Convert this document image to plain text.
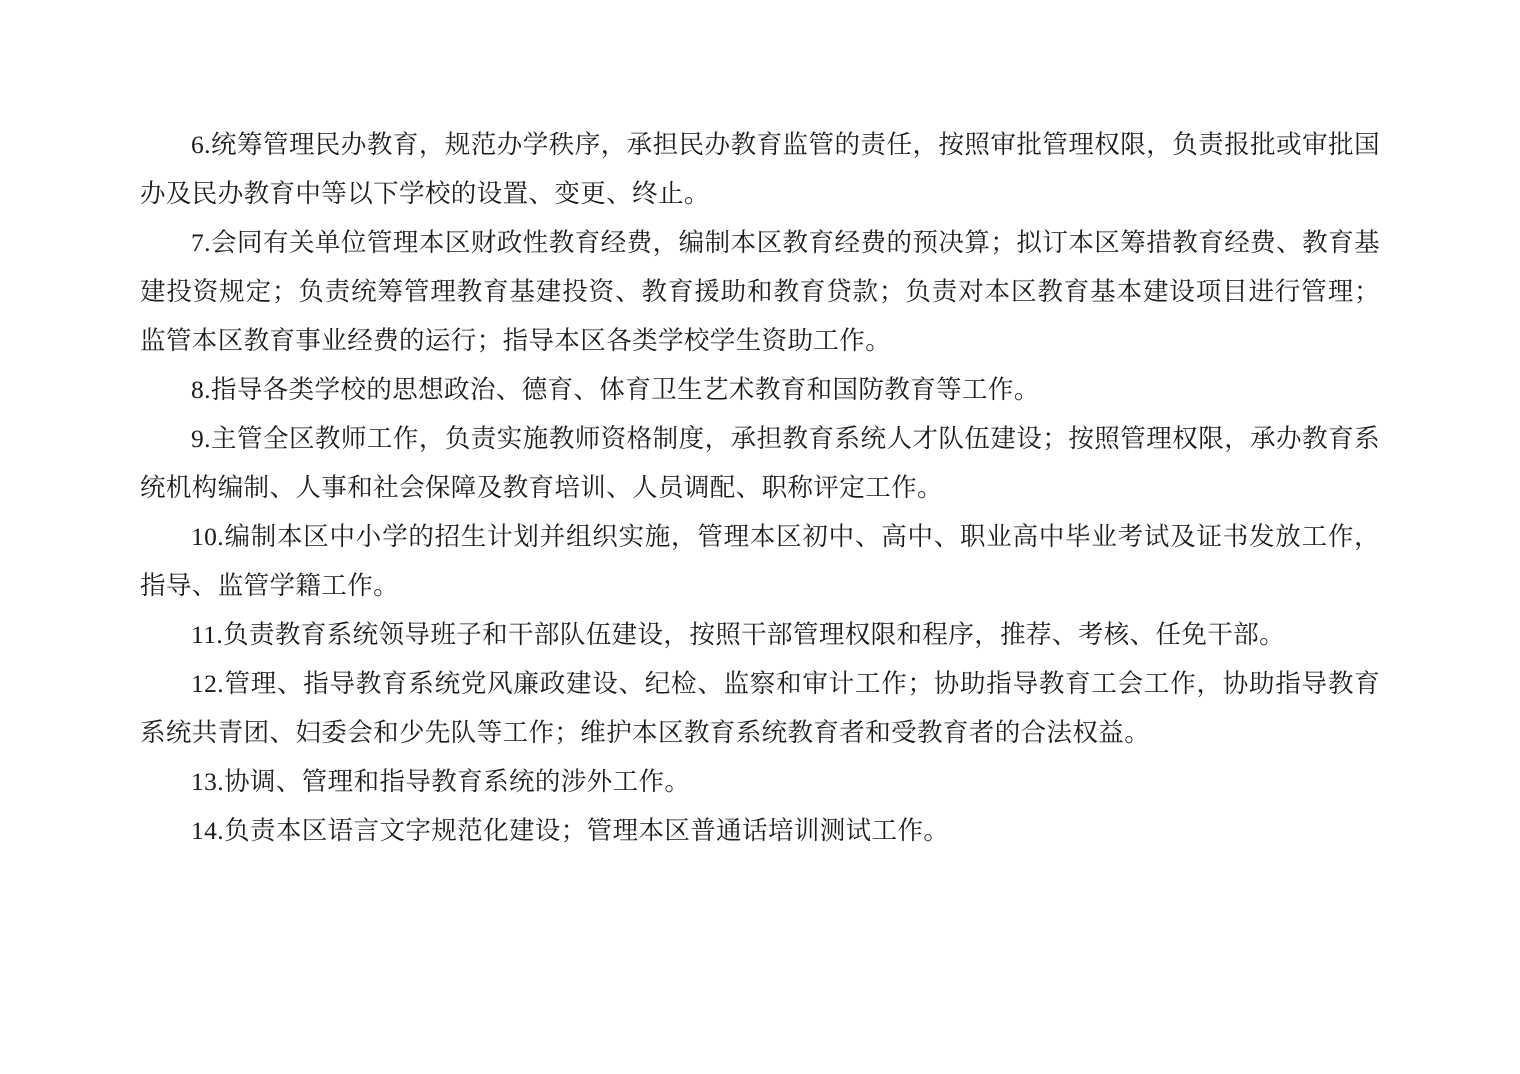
6.统筹管理民办教育，规范办学秩序，承担民办教育监管的责任，按照审批管理权限，负责报批或审批国办及民办教育中等以下学校的设置、变更、终止。

7.会同有关单位管理本区财政性教育经费，编制本区教育经费的预决算；拟订本区筹措教育经费、教育基建投资规定；负责统筹管理教育基建投资、教育援助和教育贷款；负责对本区教育基本建设项目进行管理；监管本区教育事业经费的运行；指导本区各类学校学生资助工作。

8.指导各类学校的思想政治、德育、体育卫生艺术教育和国防教育等工作。

9.主管全区教师工作，负责实施教师资格制度，承担教育系统人才队伍建设；按照管理权限，承办教育系统机构编制、人事和社会保障及教育培训、人员调配、职称评定工作。

10.编制本区中小学的招生计划并组织实施，管理本区初中、高中、职业高中毕业考试及证书发放工作，指导、监管学籍工作。

11.负责教育系统领导班子和干部队伍建设，按照干部管理权限和程序，推荐、考核、任免干部。

12.管理、指导教育系统党风廉政建设、纪检、监察和审计工作；协助指导教育工会工作，协助指导教育系统共青团、妇委会和少先队等工作；维护本区教育系统教育者和受教育者的合法权益。

13.协调、管理和指导教育系统的涉外工作。

14.负责本区语言文字规范化建设；管理本区普通话培训测试工作。
